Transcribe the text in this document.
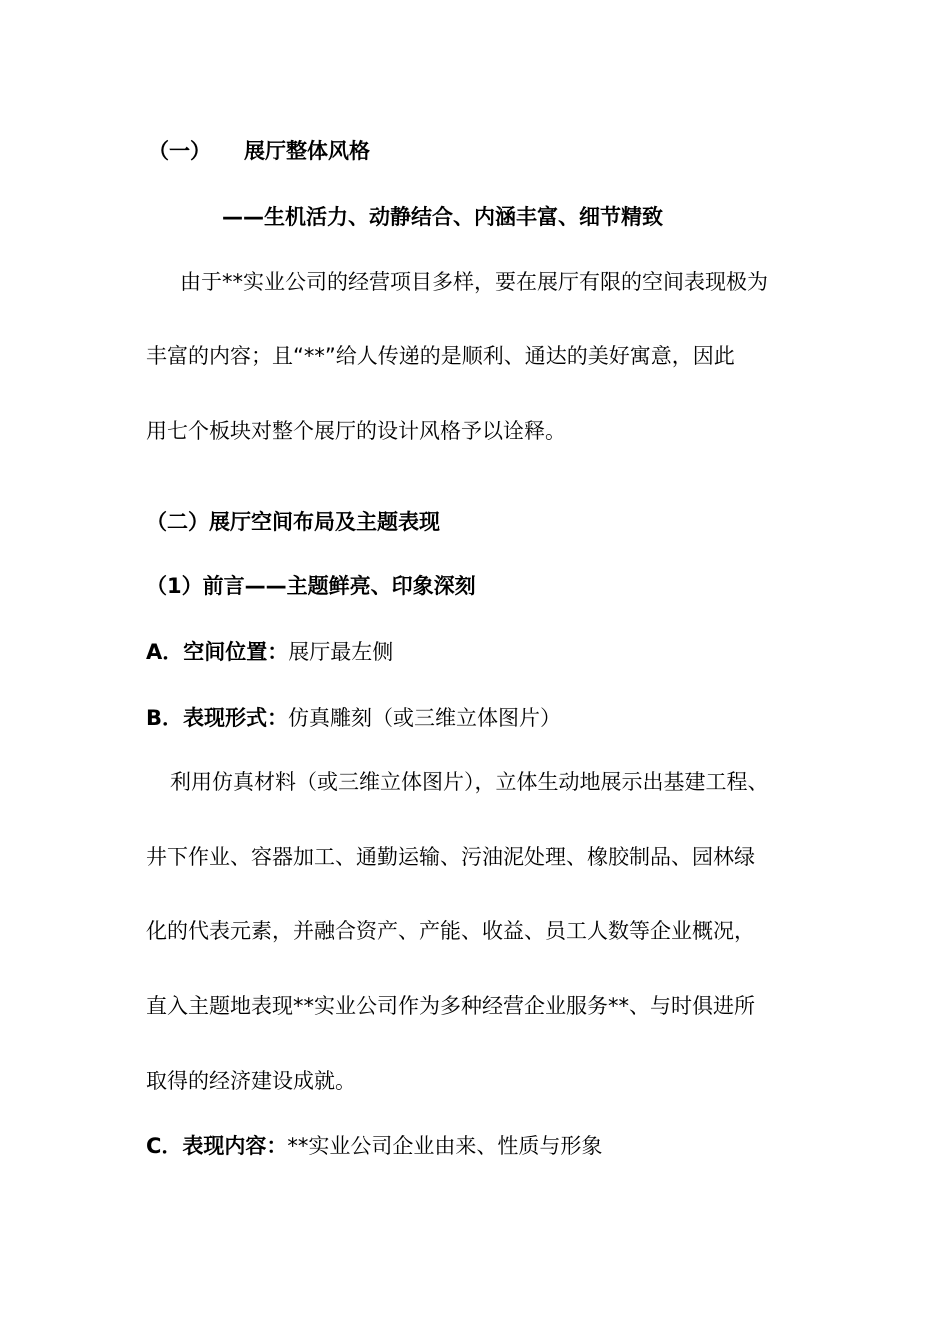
（一） 展厅整体风格
——生机活力、动静结合、内涵丰富、细节精致
由于**实业公司的经营项目多样，要在展厅有限的空间表现极为
丰富的内容；且“**”给人传递的是顺利、通达的美好寓意，因此
用七个板块对整个展厅的设计风格予以诠释。
（二）展厅空间布局及主题表现
（1）前言——主题鲜亮、印象深刻
A．空间位置：展厅最左侧
B．表现形式：仿真雕刻（或三维立体图片）
利用仿真材料（或三维立体图片），立体生动地展示出基建工程、
井下作业、容器加工、通勤运输、污油泥处理、橡胶制品、园林绿
化的代表元素，并融合资产、产能、收益、员工人数等企业概况，
直入主题地表现**实业公司作为多种经营企业服务**、与时俱进所
取得的经济建设成就。
C．表现内容：**实业公司企业由来、性质与形象
